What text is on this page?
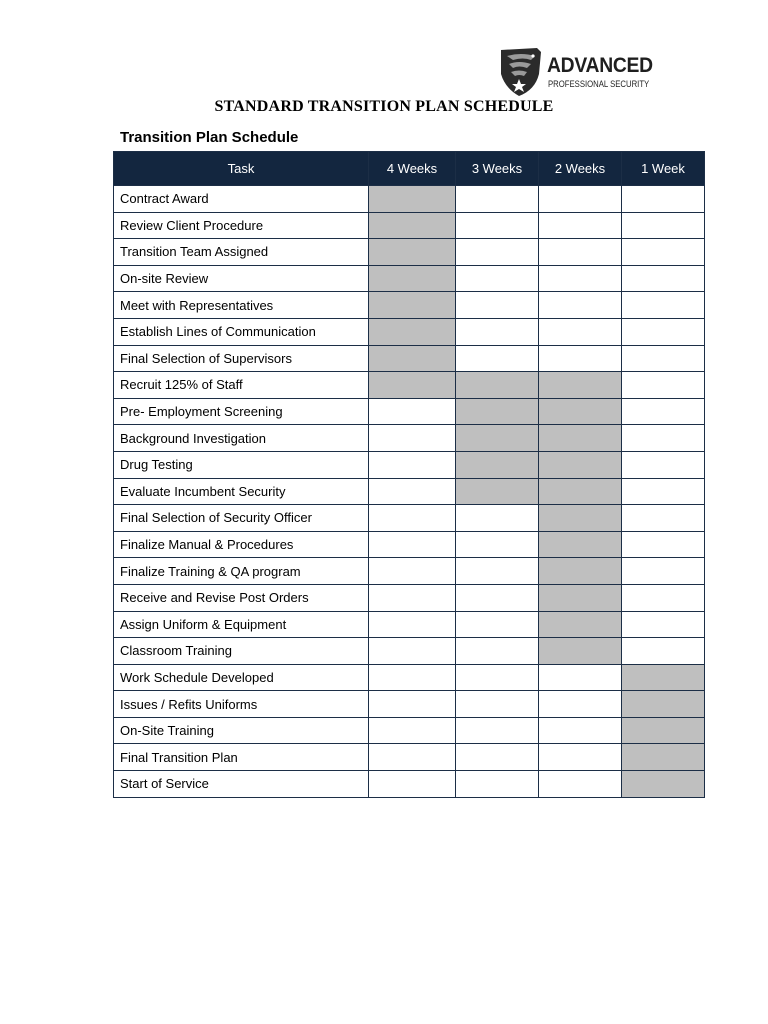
ADVANCED
PROFESSIONAL SECURITY
STANDARD TRANSITION PLAN SCHEDULE
Transition Plan Schedule
Task	4 Weeks	3 Weeks	2 Weeks	1 Week
Contract Award				
Review Client Procedure				
Transition Team Assigned				
On-site Review				
Meet with Representatives				
Establish Lines of Communication				
Final Selection of Supervisors				
Recruit 125% of Staff				
Pre- Employment Screening				
Background Investigation				
Drug Testing				
Evaluate Incumbent Security				
Final Selection of Security Officer				
Finalize Manual & Procedures				
Finalize Training & QA program				
Receive and Revise Post Orders				
Assign Uniform & Equipment				
Classroom Training				
Work Schedule Developed				
Issues / Refits Uniforms				
On-Site Training				
Final Transition Plan				
Start of Service				
